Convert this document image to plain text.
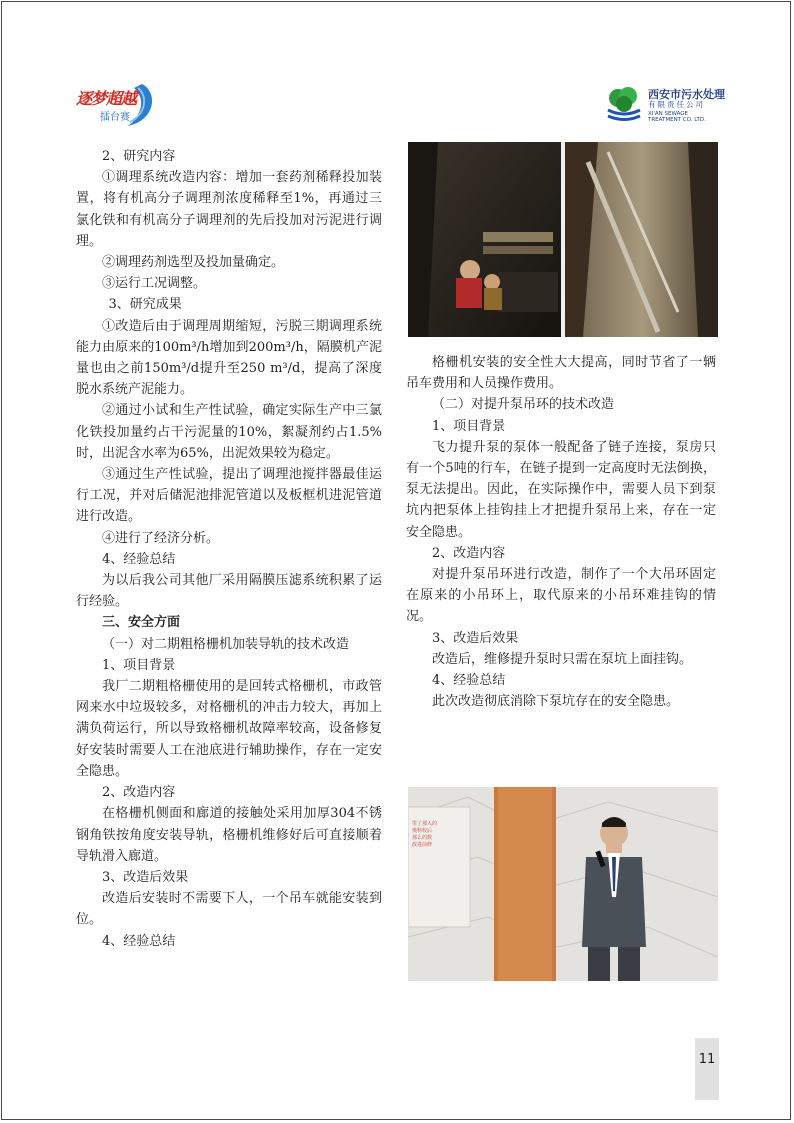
逐梦超越
擂台赛
西安市污水处理
有限责任公司
XI'AN SEWAGE TREATMENT CO. LTD.

2、研究内容

①调理系统改造内容：增加一套药剂稀释投加装置，将有机高分子调理剂浓度稀释至1%，再通过三氯化铁和有机高分子调理剂的先后投加对污泥进行调理。

②调理药剂选型及投加量确定。

③运行工况调整。

3、研究成果

①改造后由于调理周期缩短，污脱三期调理系统能力由原来的100m³/h增加到200m³/h，隔膜机产泥量也由之前150m³/d提升至250 m³/d，提高了深度脱水系统产泥能力。

②通过小试和生产性试验，确定实际生产中三氯化铁投加量约占干污泥量的10%，絮凝剂约占1.5%时，出泥含水率为65%，出泥效果较为稳定。

③通过生产性试验，提出了调理池搅拌器最佳运行工况，并对后储泥池排泥管道以及板框机进泥管道进行改造。

④进行了经济分析。

4、经验总结

为以后我公司其他厂采用隔膜压滤系统积累了运行经验。

三、安全方面

（一）对二期粗格栅机加装导轨的技术改造

1、项目背景

我厂二期粗格栅使用的是回转式格栅机，市政管网来水中垃圾较多，对格栅机的冲击力较大，再加上满负荷运行，所以导致格栅机故障率较高，设备修复好安装时需要人工在池底进行辅助操作，存在一定安全隐患。

2、改造内容

在格栅机侧面和廊道的接触处采用加厚304不锈钢角铁按角度安装导轨，格栅机维修好后可直接顺着导轨滑入廊道。

3、改造后效果

改造后安装时不需要下人，一个吊车就能安装到位。

4、经验总结

格栅机安装的安全性大大提高，同时节省了一辆吊车费用和人员操作费用。

（二）对提升泵吊环的技术改造

1、项目背景

飞力提升泵的泵体一般配备了链子连接，泵房只有一个5吨的行车，在链子提到一定高度时无法倒换，泵无法提出。因此，在实际操作中，需要人员下到泵坑内把泵体上挂钩挂上才把提升泵吊上来，存在一定安全隐患。

2、改造内容

对提升泵吊环进行改造，制作了一个大吊环固定在原来的小吊环上，取代原来的小吊环难挂钩的情况。

3、改造后效果

改造后，维修提升泵时只需在泵坑上面挂钩。

4、经验总结

此次改造彻底消除下泵坑存在的安全隐患。

里了那入的
奥科较后
那么的数
改进前修
11
